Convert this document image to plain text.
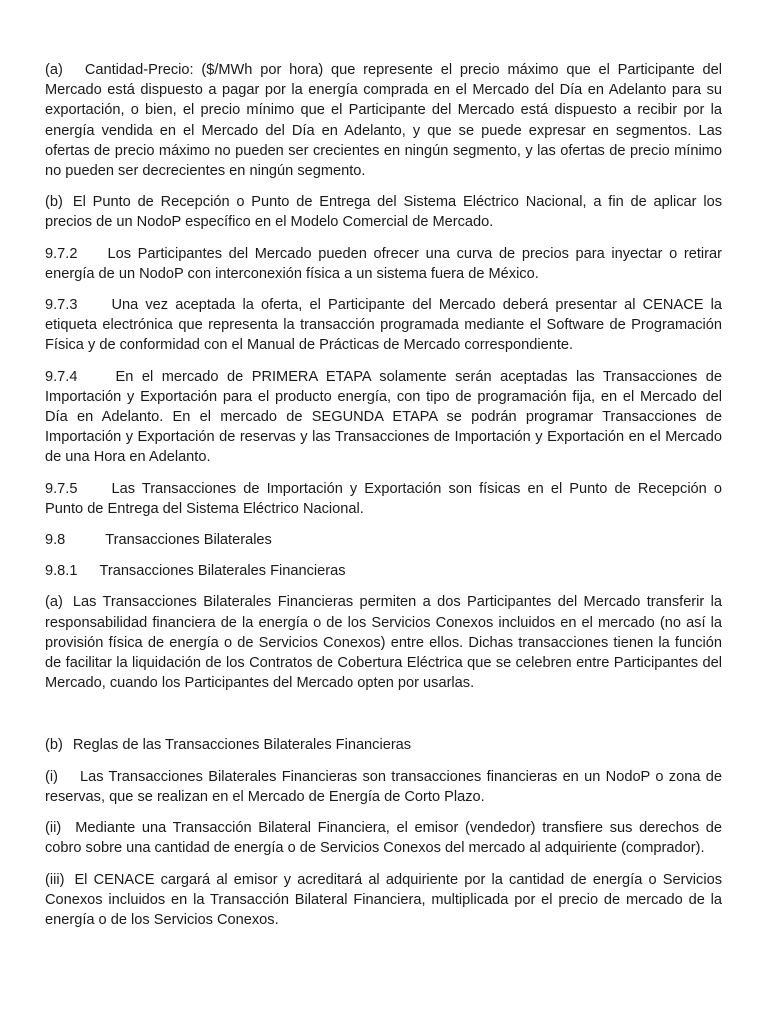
(a) Cantidad-Precio: ($/MWh por hora) que represente el precio máximo que el Participante del Mercado está dispuesto a pagar por la energía comprada en el Mercado del Día en Adelanto para su exportación, o bien, el precio mínimo que el Participante del Mercado está dispuesto a recibir por la energía vendida en el Mercado del Día en Adelanto, y que se puede expresar en segmentos. Las ofertas de precio máximo no pueden ser crecientes en ningún segmento, y las ofertas de precio mínimo no pueden ser decrecientes en ningún segmento.

(b) El Punto de Recepción o Punto de Entrega del Sistema Eléctrico Nacional, a fin de aplicar los precios de un NodoP específico en el Modelo Comercial de Mercado.

9.7.2 Los Participantes del Mercado pueden ofrecer una curva de precios para inyectar o retirar energía de un NodoP con interconexión física a un sistema fuera de México.

9.7.3 Una vez aceptada la oferta, el Participante del Mercado deberá presentar al CENACE la etiqueta electrónica que representa la transacción programada mediante el Software de Programación Física y de conformidad con el Manual de Prácticas de Mercado correspondiente.

9.7.4	En el mercado de PRIMERA ETAPA solamente serán aceptadas las Transacciones de Importación y Exportación para el producto energía, con tipo de programación fija, en el Mercado del Día en Adelanto. En el mercado de SEGUNDA ETAPA se podrán programar Transacciones de Importación y Exportación de reservas y las Transacciones de Importación y Exportación en el Mercado de una Hora en Adelanto.

9.7.5 Las Transacciones de Importación y Exportación son físicas en el Punto de Recepción o Punto de Entrega del Sistema Eléctrico Nacional.

9.8	Transacciones Bilaterales

9.8.1 Transacciones Bilaterales Financieras

(a) Las Transacciones Bilaterales Financieras permiten a dos Participantes del Mercado transferir la responsabilidad financiera de la energía o de los Servicios Conexos incluidos en el mercado (no así la provisión física de energía o de Servicios Conexos) entre ellos. Dichas transacciones tienen la función de facilitar la liquidación de los Contratos de Cobertura Eléctrica que se celebren entre Participantes del Mercado, cuando los Participantes del Mercado opten por usarlas.

(b) Reglas de las Transacciones Bilaterales Financieras

(i) Las Transacciones Bilaterales Financieras son transacciones financieras en un NodoP o zona de reservas, que se realizan en el Mercado de Energía de Corto Plazo.

(ii) Mediante una Transacción Bilateral Financiera, el emisor (vendedor) transfiere sus derechos de cobro sobre una cantidad de energía o de Servicios Conexos del mercado al adquiriente (comprador).

(iii) El CENACE cargará al emisor y acreditará al adquiriente por la cantidad de energía o Servicios Conexos incluidos en la Transacción Bilateral Financiera, multiplicada por el precio de mercado de la energía o de los Servicios Conexos.
